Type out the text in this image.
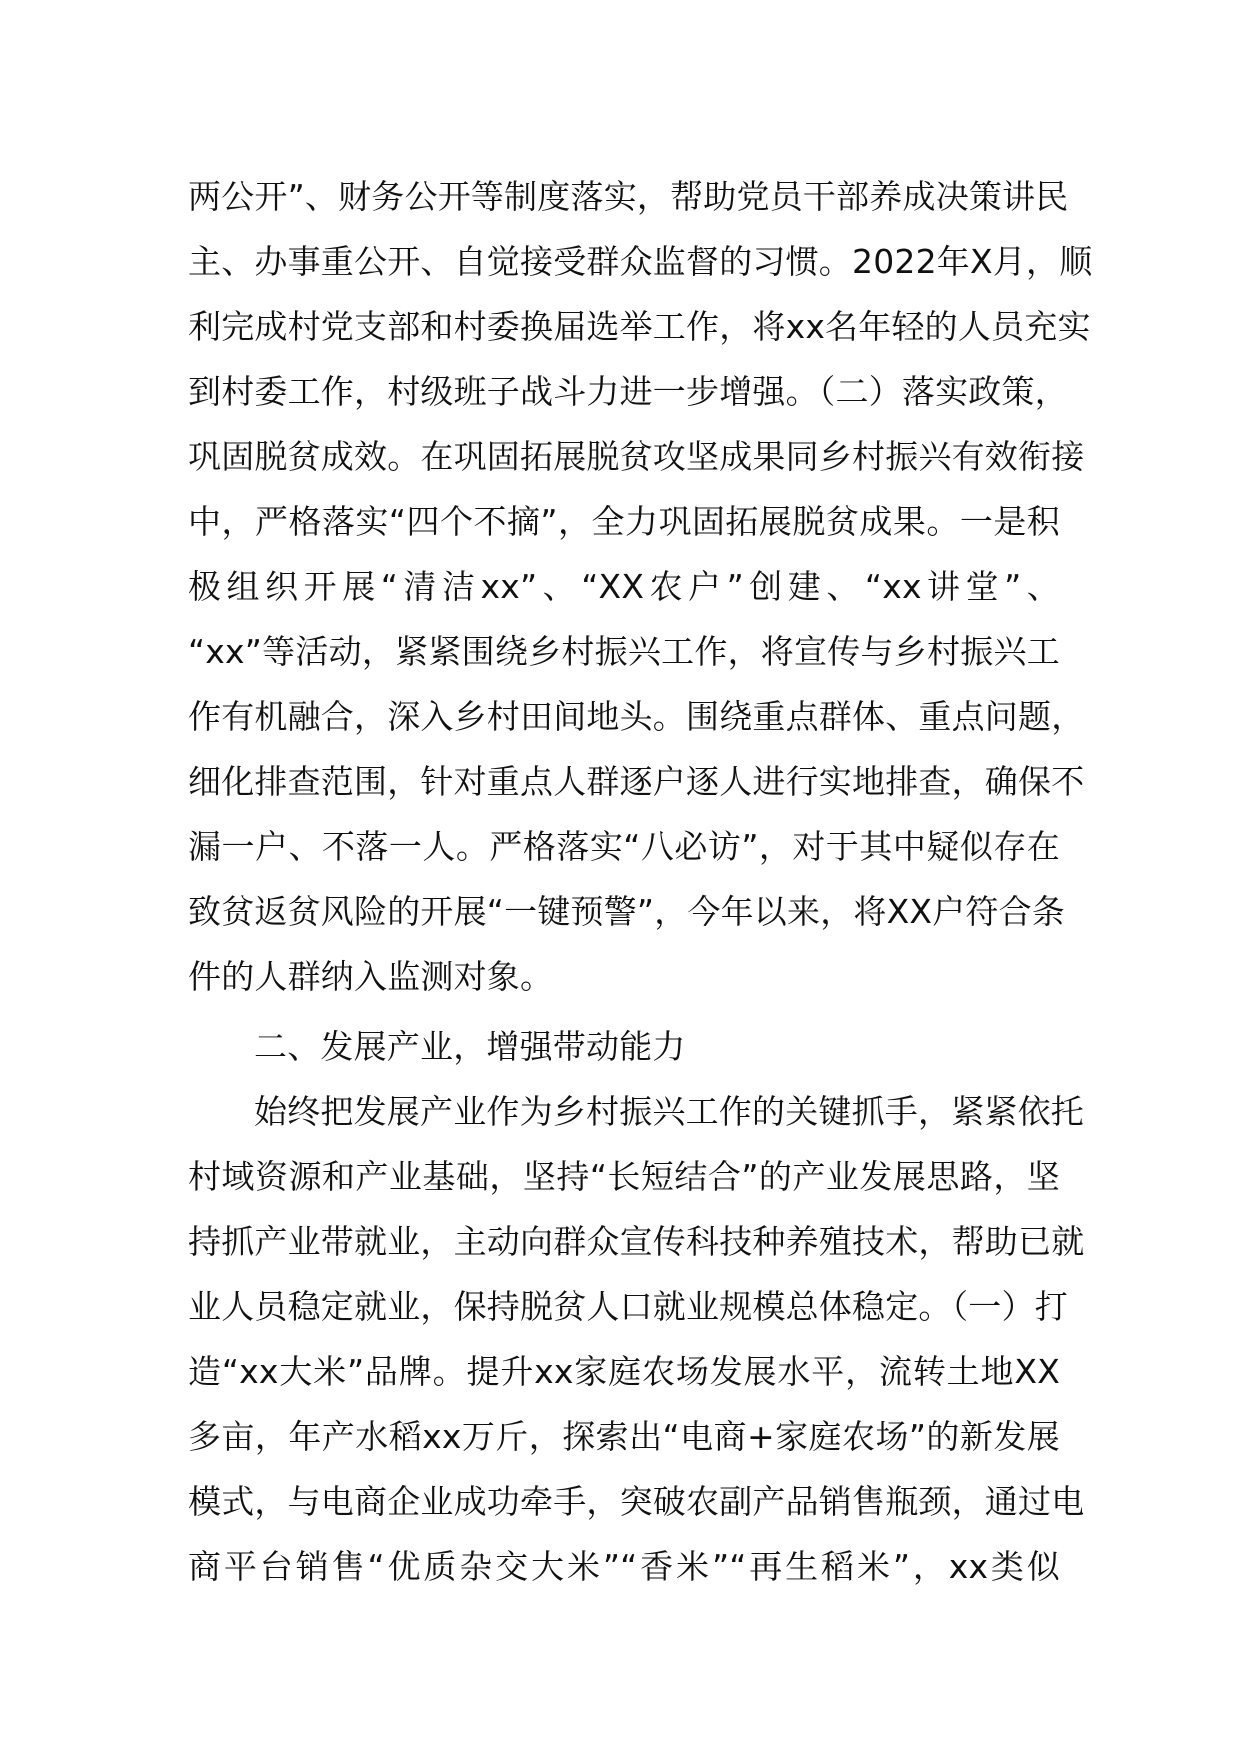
两公开”、财务公开等制度落实，帮助党员干部养成决策讲民
主、办事重公开、自觉接受群众监督的习惯。2022年X月，顺
利完成村党支部和村委换届选举工作，将xx名年轻的人员充实
到村委工作，村级班子战斗力进一步增强。（二）落实政策，
巩固脱贫成效。在巩固拓展脱贫攻坚成果同乡村振兴有效衔接
中，严格落实“四个不摘”，全力巩固拓展脱贫成果。一是积
极组织开展“清洁xx”、“XX农户”创建、“xx讲堂”、
“xx”等活动，紧紧围绕乡村振兴工作，将宣传与乡村振兴工
作有机融合，深入乡村田间地头。围绕重点群体、重点问题，
细化排查范围，针对重点人群逐户逐人进行实地排查，确保不
漏一户、不落一人。严格落实“八必访”，对于其中疑似存在
致贫返贫风险的开展“一键预警”，今年以来，将XX户符合条
件的人群纳入监测对象。
二、发展产业，增强带动能力
始终把发展产业作为乡村振兴工作的关键抓手，紧紧依托
村域资源和产业基础，坚持“长短结合”的产业发展思路，坚
持抓产业带就业，主动向群众宣传科技种养殖技术，帮助已就
业人员稳定就业，保持脱贫人口就业规模总体稳定。（一）打
造“xx大米”品牌。提升xx家庭农场发展水平，流转土地XX
多亩，年产水稻xx万斤，探索出“电商+家庭农场”的新发展
模式，与电商企业成功牵手，突破农副产品销售瓶颈，通过电
商平台销售“优质杂交大米”“香米”“再生稻米”，xx类似
